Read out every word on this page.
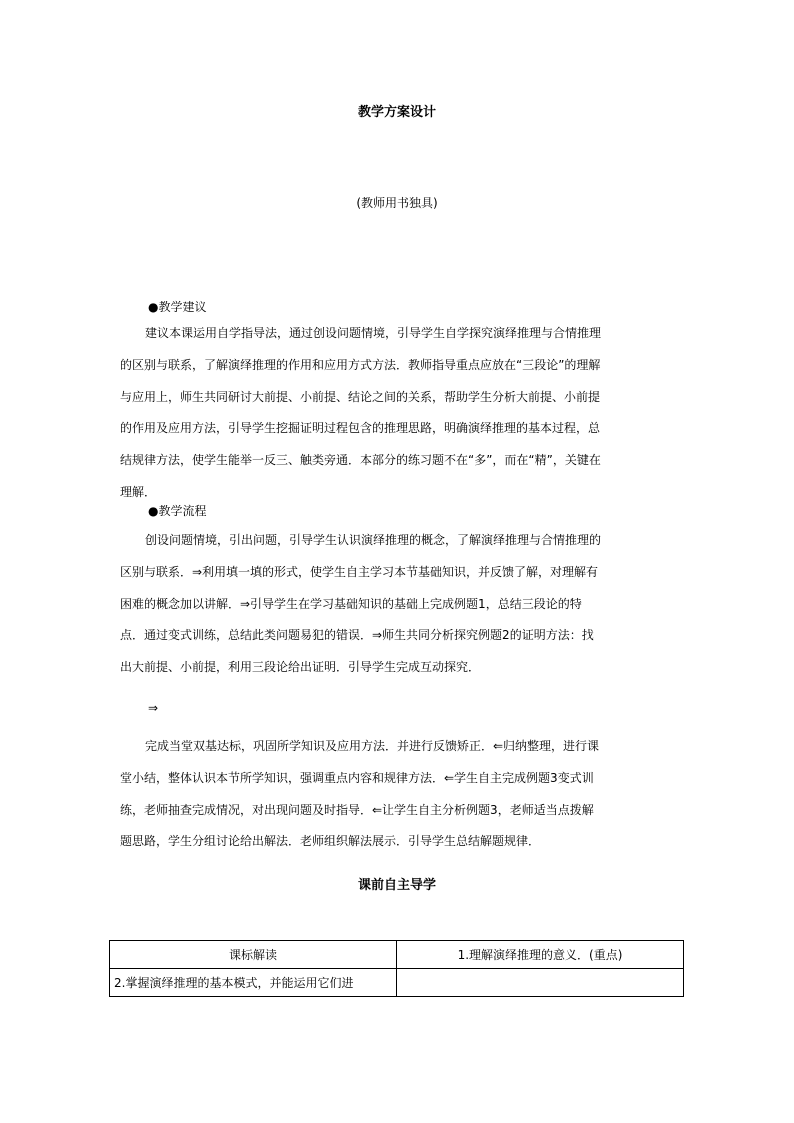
教学方案设计
(教师用书独具)
●教学建议

建议本课运用自学指导法，通过创设问题情境，引导学生自学探究演绎推理与合情推理
的区别与联系，了解演绎推理的作用和应用方式方法．教师指导重点应放在“三段论”的理解
与应用上，师生共同研讨大前提、小前提、结论之间的关系，帮助学生分析大前提、小前提
的作用及应用方法，引导学生挖掘证明过程包含的推理思路，明确演绎推理的基本过程，总
结规律方法，使学生能举一反三、触类旁通．本部分的练习题不在“多”，而在“精”，关键在
理解．

●教学流程

创设问题情境，引出问题，引导学生认识演绎推理的概念，了解演绎推理与合情推理的
区别与联系．⇒利用填一填的形式，使学生自主学习本节基础知识，并反馈了解，对理解有
困难的概念加以讲解．⇒引导学生在学习基础知识的基础上完成例题1，总结三段论的特
点．通过变式训练，总结此类问题易犯的错误．⇒师生共同分析探究例题2的证明方法：找
出大前提、小前提，利用三段论给出证明．引导学生完成互动探究．

⇒

完成当堂双基达标，巩固所学知识及应用方法．并进行反馈矫正．⇐归纳整理，进行课
堂小结，整体认识本节所学知识，强调重点内容和规律方法．⇐学生自主完成例题3变式训
练，老师抽查完成情况，对出现问题及时指导．⇐让学生自主分析例题3，老师适当点拨解
题思路，学生分组讨论给出解法．老师组织解法展示．引导学生总结解题规律．

课前自主导学
课标解读	1.理解演绎推理的意义．(重点)
2.掌握演绎推理的基本模式，并能运用它们进	
